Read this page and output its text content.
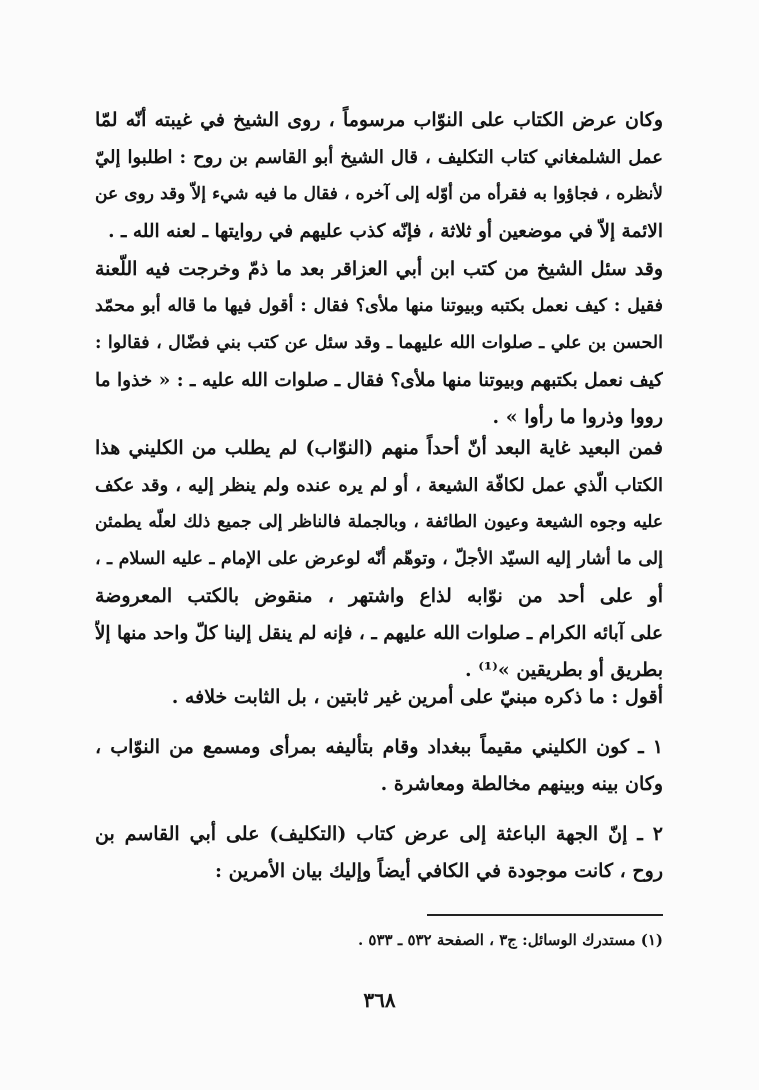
وكان عرض الكتاب على النوّاب مرسوماً ، روى الشيخ في غيبته أنّه لمّا
عمل الشلمغاني كتاب التكليف ، قال الشيخ أبو القاسم بن روح : اطلبوا إليّ
لأنظره ، فجاؤوا به فقرأه من أوّله إلى آخره ، فقال ما فيه شيء إلاّ وقد روى عن
الائمة إلاّ في موضعين أو ثلاثة ، فإنّه كذب عليهم في روايتها ـ لعنه الله ـ .
وقد سئل الشيخ من كتب ابن أبي العزاقر بعد ما ذمّ وخرجت فيه اللّعنة
فقيل : كيف نعمل بكتبه وبيوتنا منها ملأى؟ فقال : أقول فيها ما قاله أبو محمّد
الحسن بن علي ـ صلوات الله عليهما ـ وقد سئل عن كتب بني فضّال ، فقالوا :
كيف نعمل بكتبهم وبيوتنا منها ملأى؟ فقال ـ صلوات الله عليه ـ : « خذوا ما
رووا وذروا ما رأوا » .
فمن البعيد غاية البعد أنّ أحداً منهم (النوّاب) لم يطلب من الكليني هذا
الكتاب الّذي عمل لكافّة الشيعة ، أو لم يره عنده ولم ينظر إليه ، وقد عكف
عليه وجوه الشيعة وعيون الطائفة ، وبالجملة فالناظر إلى جميع ذلك لعلّه يطمئن
إلى ما أشار إليه السيّد الأجلّ ، وتوهّم أنّه لوعرض على الإمام ـ عليه السلام ـ ،
أو على أحد من نوّابه لذاع واشتهر ، منقوض بالكتب المعروضة
على آبائه الكرام ـ صلوات الله عليهم ـ ، فإنه لم ينقل إلينا كلّ واحد منها إلاّ
بطريق أو بطريقين »⁽¹⁾ .
أقول : ما ذكره مبنيّ على أمرين غير ثابتين ، بل الثابت خلافه .
١ ـ كون الكليني مقيماً ببغداد وقام بتأليفه بمرأى ومسمع من النوّاب ،
وكان بينه وبينهم مخالطة ومعاشرة .
٢ ـ إنّ الجهة الباعثة إلى عرض كتاب (التكليف) على أبي القاسم بن
روح ، كانت موجودة في الكافي أيضاً وإليك بيان الأمرين :
(١) مستدرك الوسائل: ج٣ ، الصفحة ٥٣٢ ـ ٥٣٣ .
٣٦٨
